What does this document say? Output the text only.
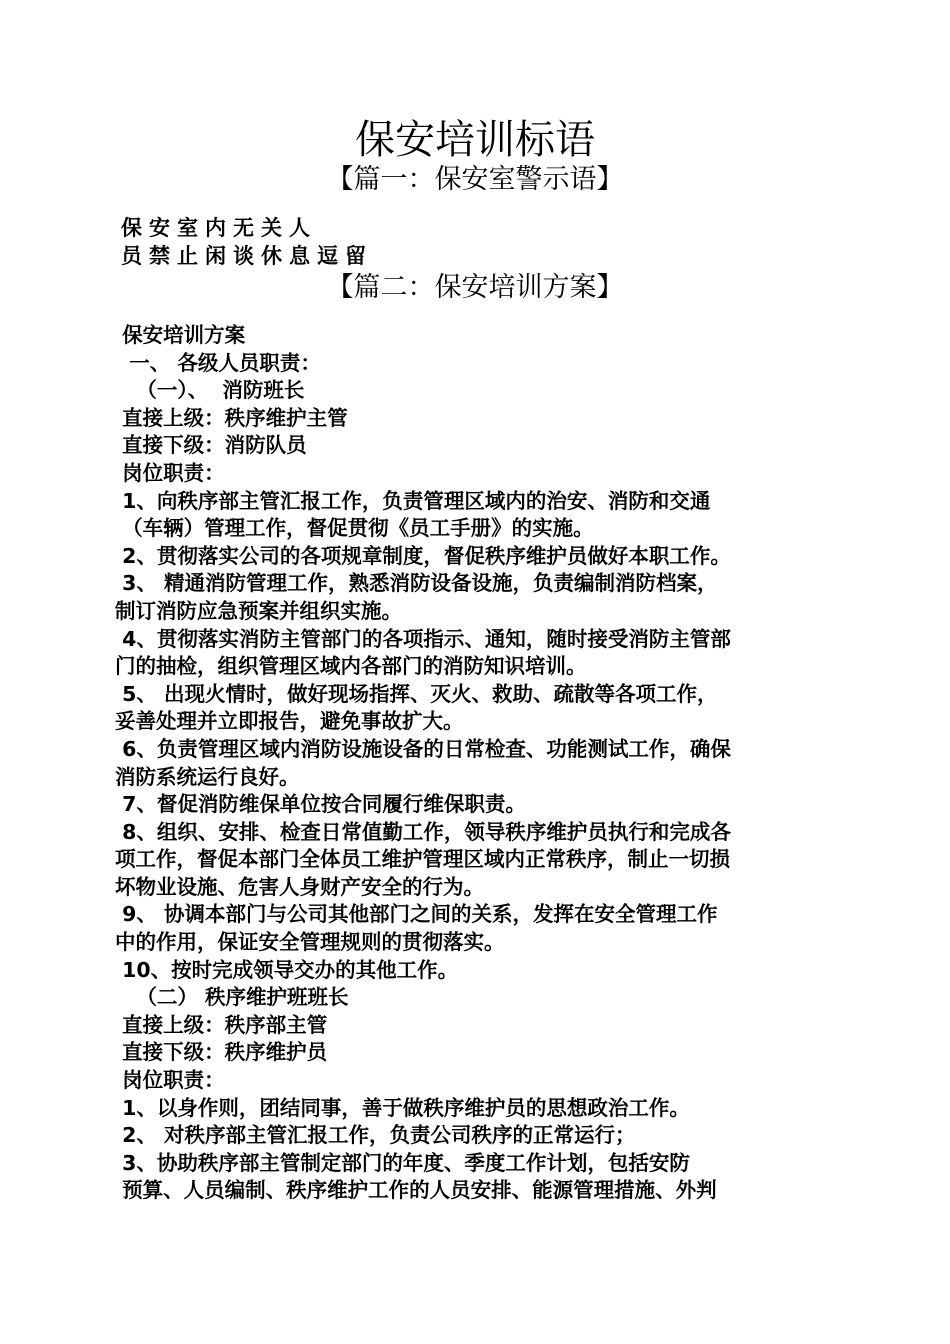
保安培训标语
【篇一：保安室警示语】
保安室内无关人
员禁止闲谈休息逗留
【篇二：保安培训方案】
保安培训方案
一、 各级人员职责：
（一）、  消防班长
直接上级：秩序维护主管
直接下级：消防队员
岗位职责：
1、向秩序部主管汇报工作，负责管理区域内的治安、消防和交通
（车辆）管理工作，督促贯彻《员工手册》的实施。
2、贯彻落实公司的各项规章制度，督促秩序维护员做好本职工作。
3、 精通消防管理工作，熟悉消防设备设施，负责编制消防档案，
制订消防应急预案并组织实施。
4、贯彻落实消防主管部门的各项指示、通知，随时接受消防主管部
门的抽检，组织管理区域内各部门的消防知识培训。
5、 出现火情时，做好现场指挥、灭火、救助、疏散等各项工作，
妥善处理并立即报告，避免事故扩大。
6、负责管理区域内消防设施设备的日常检查、功能测试工作，确保
消防系统运行良好。
7、督促消防维保单位按合同履行维保职责。
8、组织、安排、检查日常值勤工作，领导秩序维护员执行和完成各
项工作，督促本部门全体员工维护管理区域内正常秩序，制止一切损
坏物业设施、危害人身财产安全的行为。
9、 协调本部门与公司其他部门之间的关系，发挥在安全管理工作
中的作用，保证安全管理规则的贯彻落实。
10、按时完成领导交办的其他工作。
（二） 秩序维护班班长
直接上级：秩序部主管
直接下级：秩序维护员
岗位职责：
1、以身作则，团结同事，善于做秩序维护员的思想政治工作。
2、 对秩序部主管汇报工作，负责公司秩序的正常运行；
3、协助秩序部主管制定部门的年度、季度工作计划，包括安防
预算、人员编制、秩序维护工作的人员安排、能源管理措施、外判
